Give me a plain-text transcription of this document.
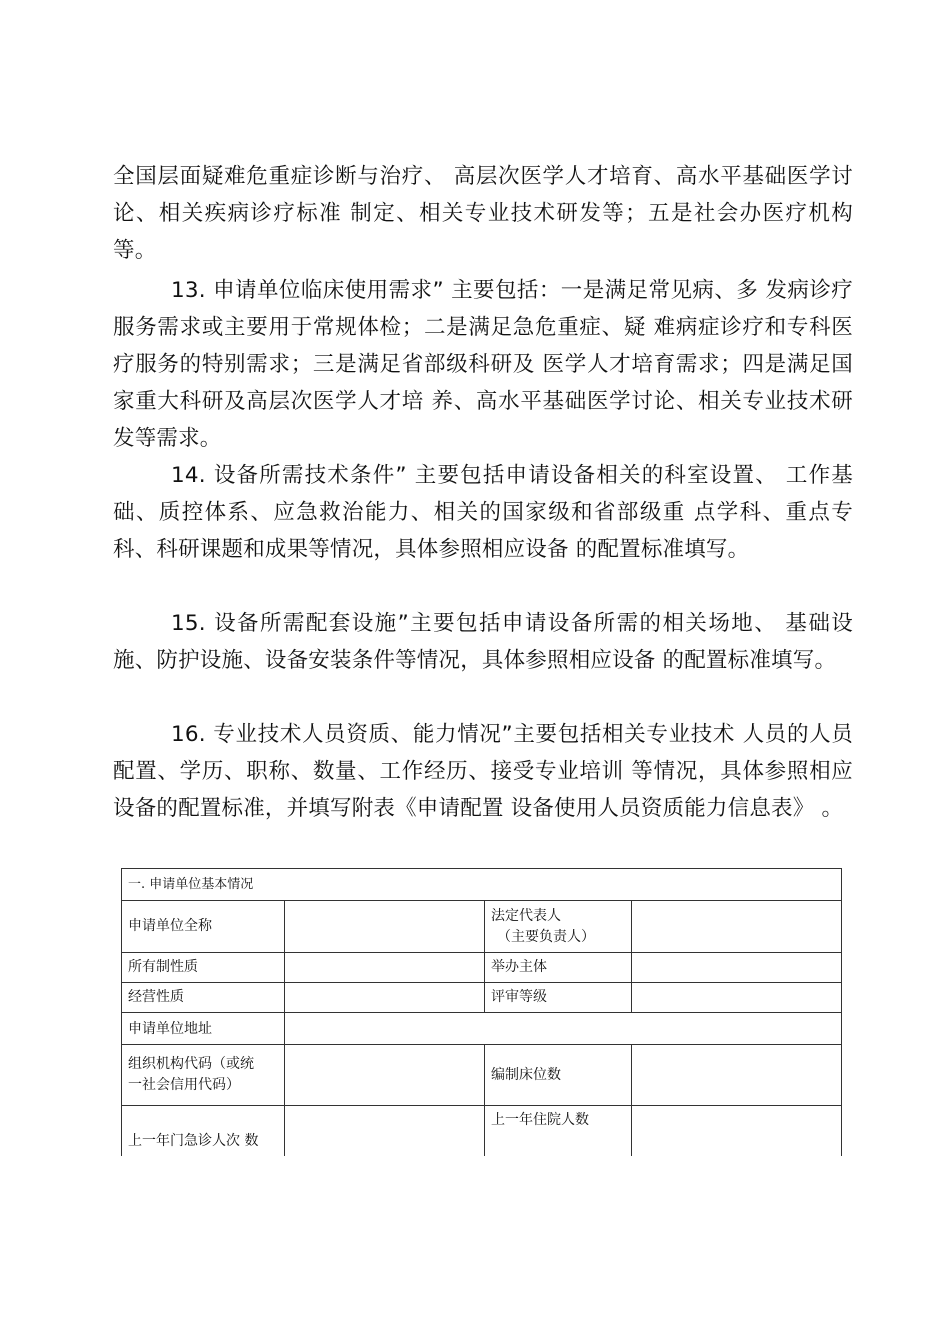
全国层面疑难危重症诊断与治疗、 高层次医学人才培育、高水平基础医学讨论、相关疾病诊疗标准 制定、相关专业技术研发等；五是社会办医疗机构等。
13. 申请单位临床使用需求” 主要包括：一是满足常见病、多 发病诊疗服务需求或主要用于常规体检；二是满足急危重症、疑 难病症诊疗和专科医疗服务的特别需求；三是满足省部级科研及 医学人才培育需求；四是满足国家重大科研及高层次医学人才培 养、高水平基础医学讨论、相关专业技术研发等需求。
14. 设备所需技术条件” 主要包括申请设备相关的科室设置、 工作基础、质控体系、应急救治能力、相关的国家级和省部级重 点学科、重点专科、科研课题和成果等情况，具体参照相应设备 的配置标准填写。
15. 设备所需配套设施”主要包括申请设备所需的相关场地、 基础设施、防护设施、设备安装条件等情况，具体参照相应设备 的配置标准填写。
16. 专业技术人员资质、能力情况”主要包括相关专业技术 人员的人员配置、学历、职称、数量、工作经历、接受专业培训 等情况，具体参照相应设备的配置标准，并填写附表《申请配置 设备使用人员资质能力信息表》 。
一. 申请单位基本情况			
申请单位全称		法定代表人
（主要负责人）	

所有制性质		举办主体	
经营性质		评审等级	
申请单位地址			
组织机构代码（或统
一社会信用代码）		编制床位数	
上一年门急诊人次 数		上一年住院人数	
